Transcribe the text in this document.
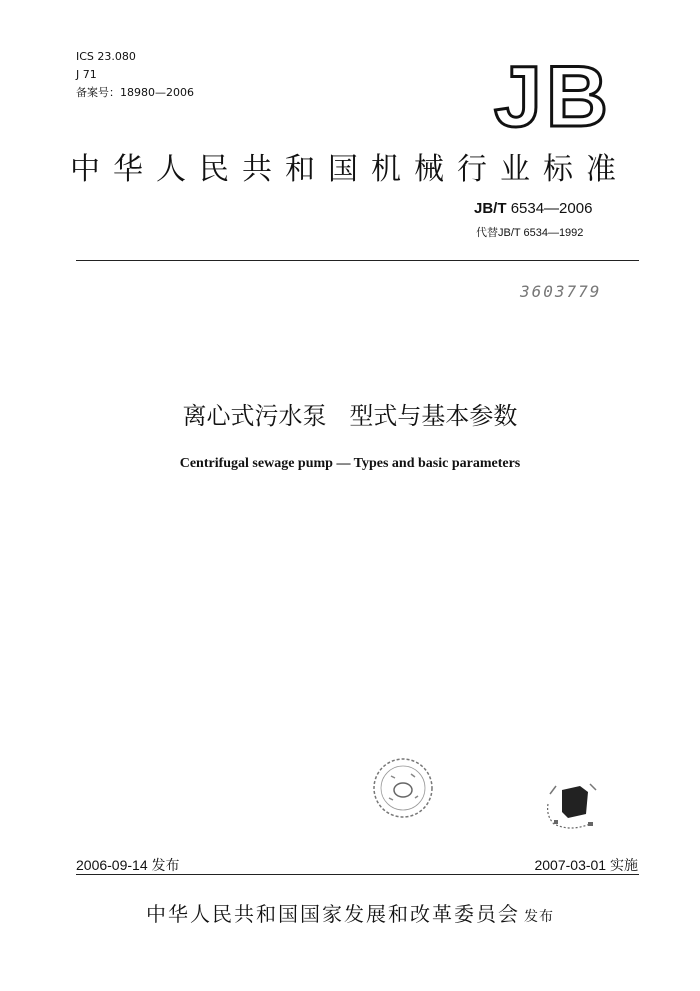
ICS 23.080
J 71
备案号：18980—2006	JB
中华人民共和国机械行业标准
JB/T 6534—2006
代替JB/T 6534—1992
3603779
离心式污水泵   型式与基本参数
Centrifugal sewage pump — Types and basic parameters
2006-09-14 发布	2007-03-01 实施
中华人民共和国国家发展和改革委员会 发布
